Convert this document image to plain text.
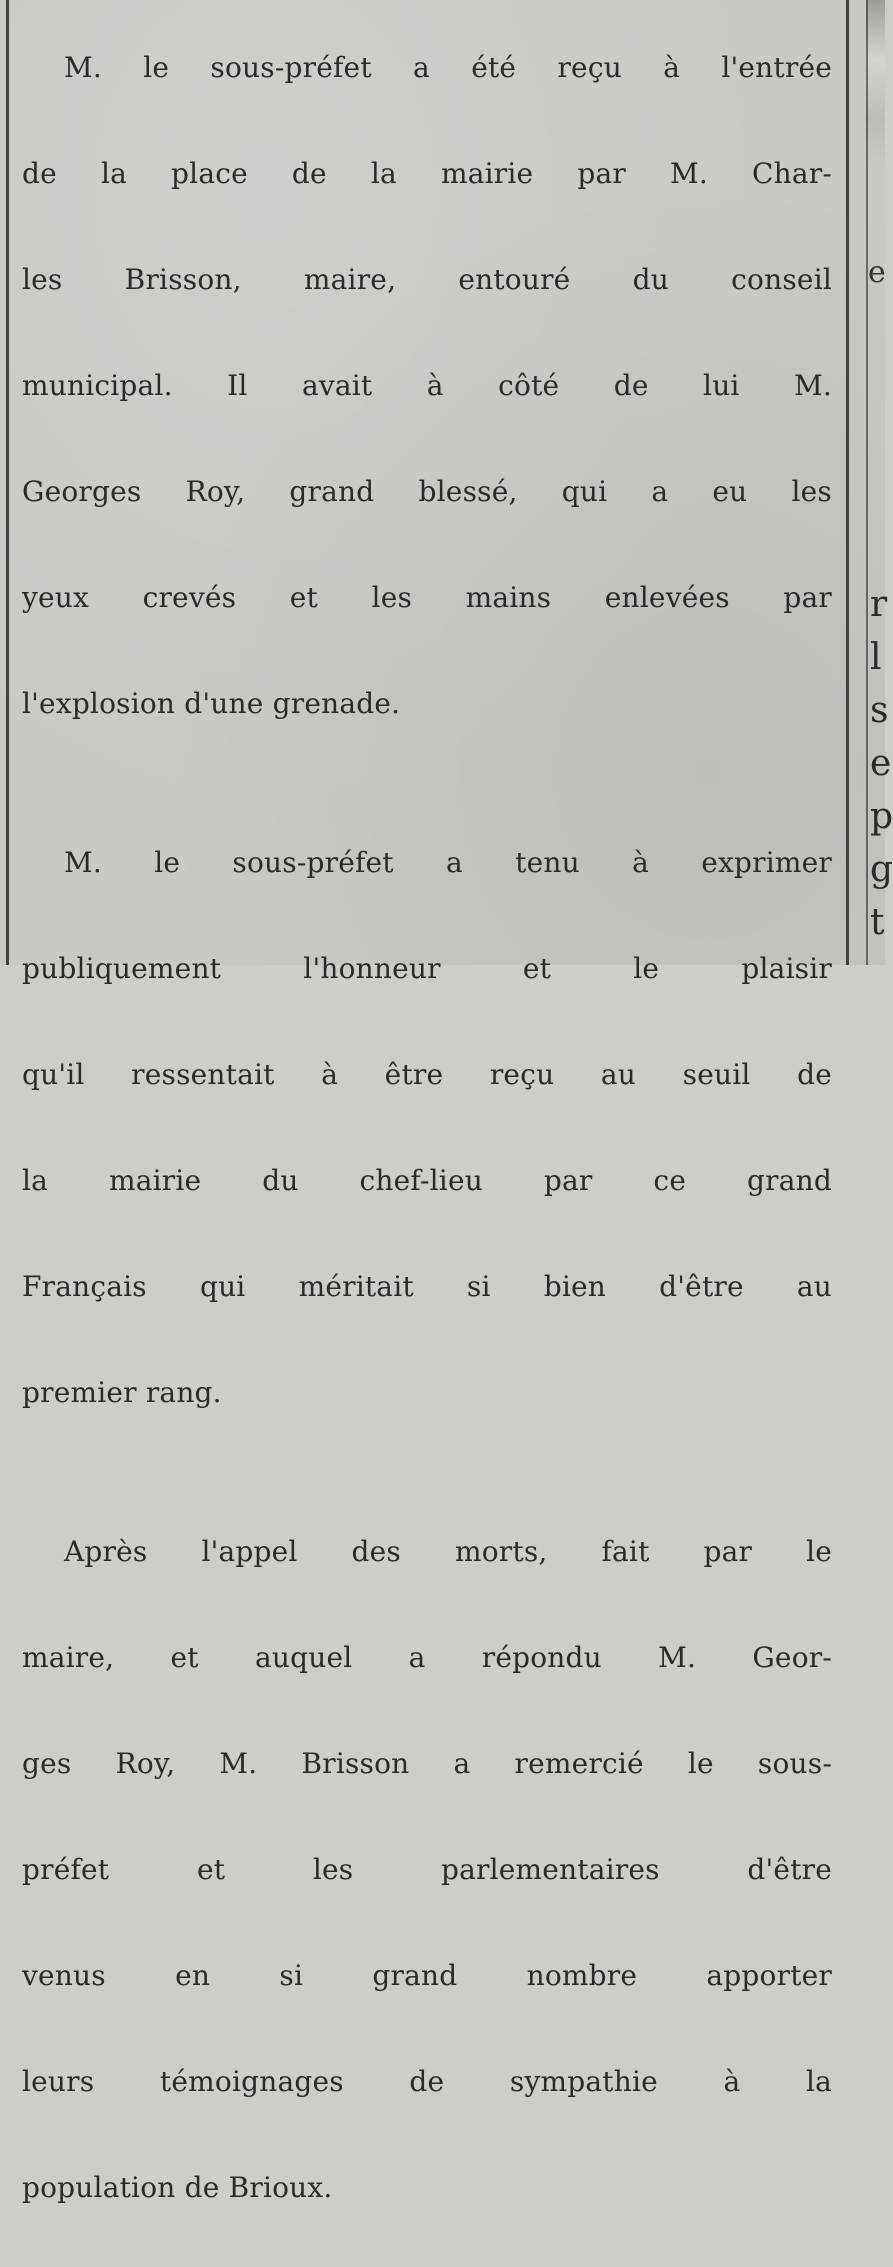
M. le sous-préfet a été reçu à l'entrée

de la place de la mairie par M. Char-

les Brisson, maire, entouré du conseil

municipal. Il avait à côté de lui M.

Georges Roy, grand blessé, qui a eu les

yeux crevés et les mains enlevées par

l'explosion d'une grenade.

M. le sous-préfet a tenu à exprimer

publiquement l'honneur et le plaisir

qu'il ressentait à être reçu au seuil de

la mairie du chef-lieu par ce grand

Français qui méritait si bien d'être au

premier rang.

Après l'appel des morts, fait par le

maire, et auquel a répondu M. Geor-

ges Roy, M. Brisson a remercié le sous-

préfet et les parlementaires d'être

venus en si grand nombre apporter

leurs témoignages de sympathie à la

population de Brioux.

e
r
l
s
e
p
g
t
